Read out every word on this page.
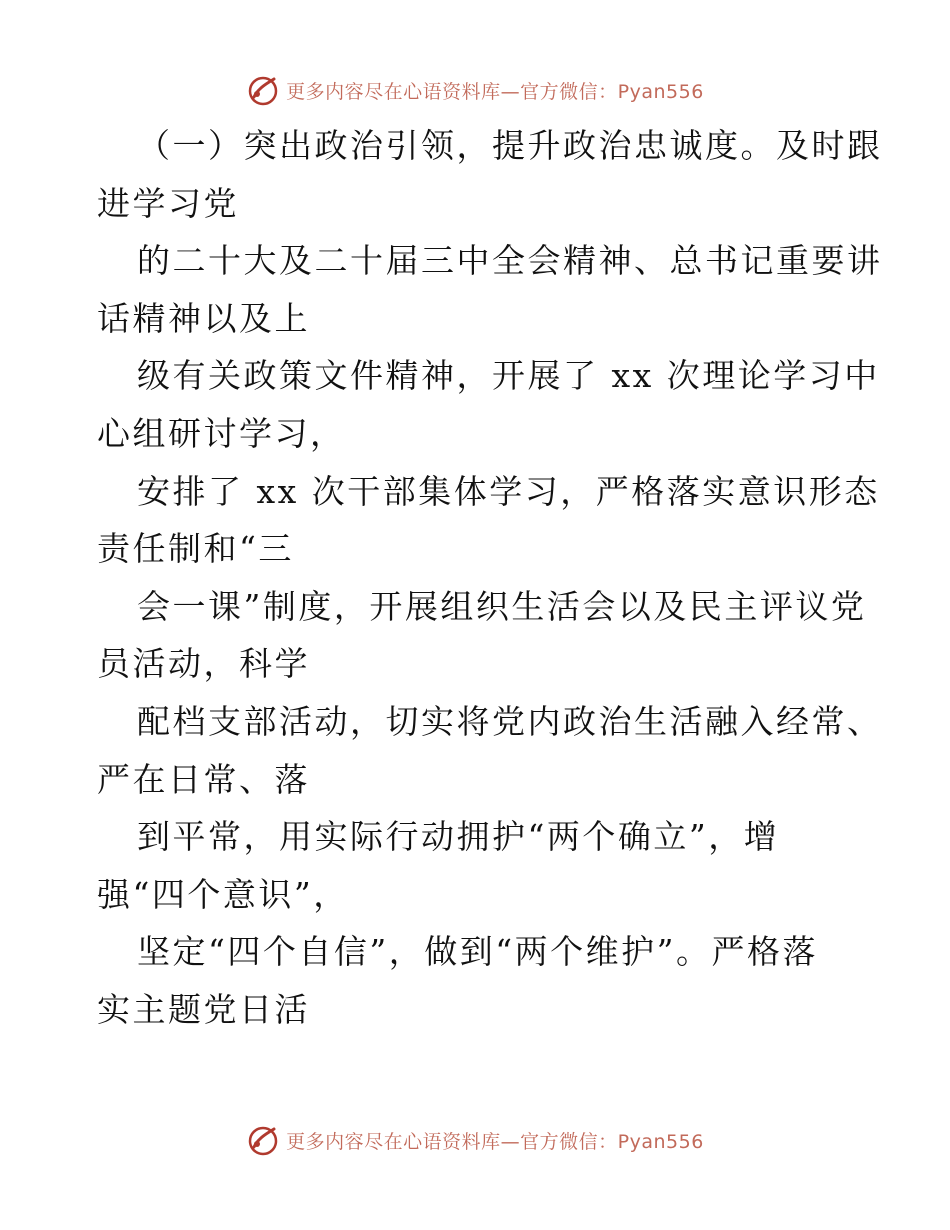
更多内容尽在心语资料库—官方微信：Pyan556
（一）突出政治引领，提升政治忠诚度。及时跟
进学习党
的二十大及二十届三中全会精神、总书记重要讲
话精神以及上
级有关政策文件精神，开展了 xx 次理论学习中
心组研讨学习，
安排了 xx 次干部集体学习，严格落实意识形态
责任制和“三
会一课”制度，开展组织生活会以及民主评议党
员活动，科学
配档支部活动，切实将党内政治生活融入经常、
严在日常、落
到平常，用实际行动拥护“两个确立”，增
强“四个意识”，
坚定“四个自信”，做到“两个维护”。严格落
实主题党日活
更多内容尽在心语资料库—官方微信：Pyan556
